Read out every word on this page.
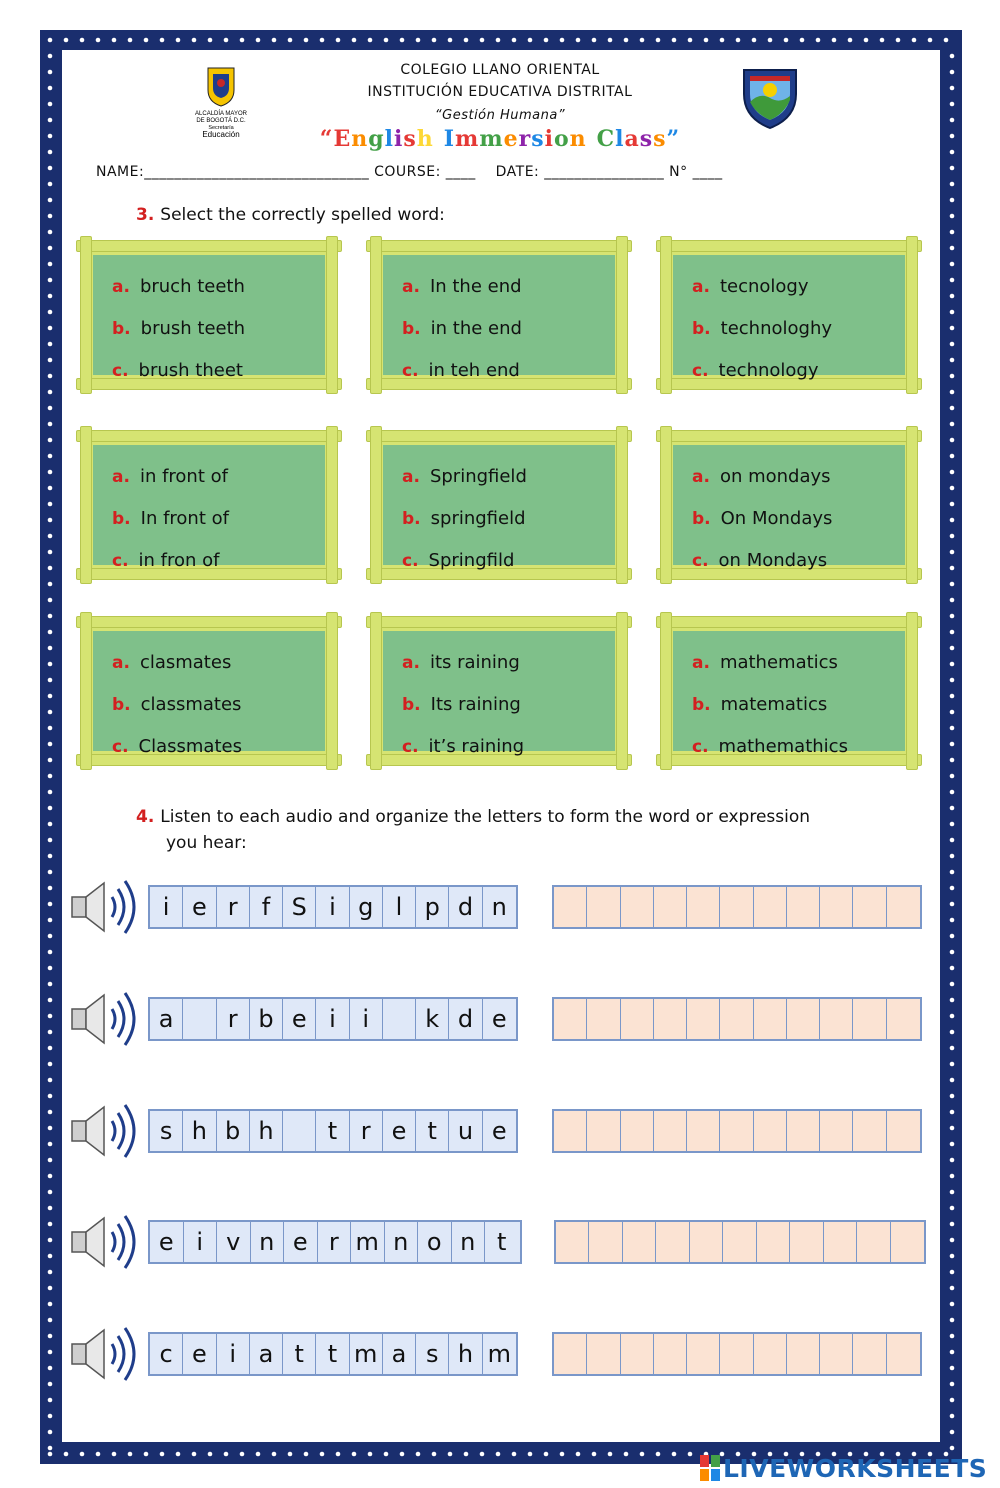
ALCALDÍA MAYOR
DE BOGOTÁ D.C.
Secretaría
Educación
COLEGIO LLANO ORIENTAL
INSTITUCIÓN EDUCATIVA DISTRITAL
“Gestión Humana”
“English Immersion Class”
NAME:______________________________ COURSE: ____    DATE: ________________ N° ____
3. Select the correctly spelled word:
a. bruch teeth
b. brush teeth
c. brush theet
a. In the end
b. in the end
c. in teh end
a. tecnology
b. technologhy
c. technology
a. in front of
b. In front of
c. in fron of
a. Springfield
b. springfield
c. Springfild
a. on mondays
b. On Mondays
c. on Mondays
a. clasmates
b. classmates
c. Classmates
a. its raining
b. Its raining
c. it’s raining
a. mathematics
b. matematics
c. mathemathics
4. Listen to each audio and organize the letters to form the word or expression
you hear:
i e r	f S i g l p d n
a	r b e i	i	k d e
s h b h	t r e t u e
e i v n e r m n o n t
c e i a t t m a s h m
LIVEWORKSHEETS
